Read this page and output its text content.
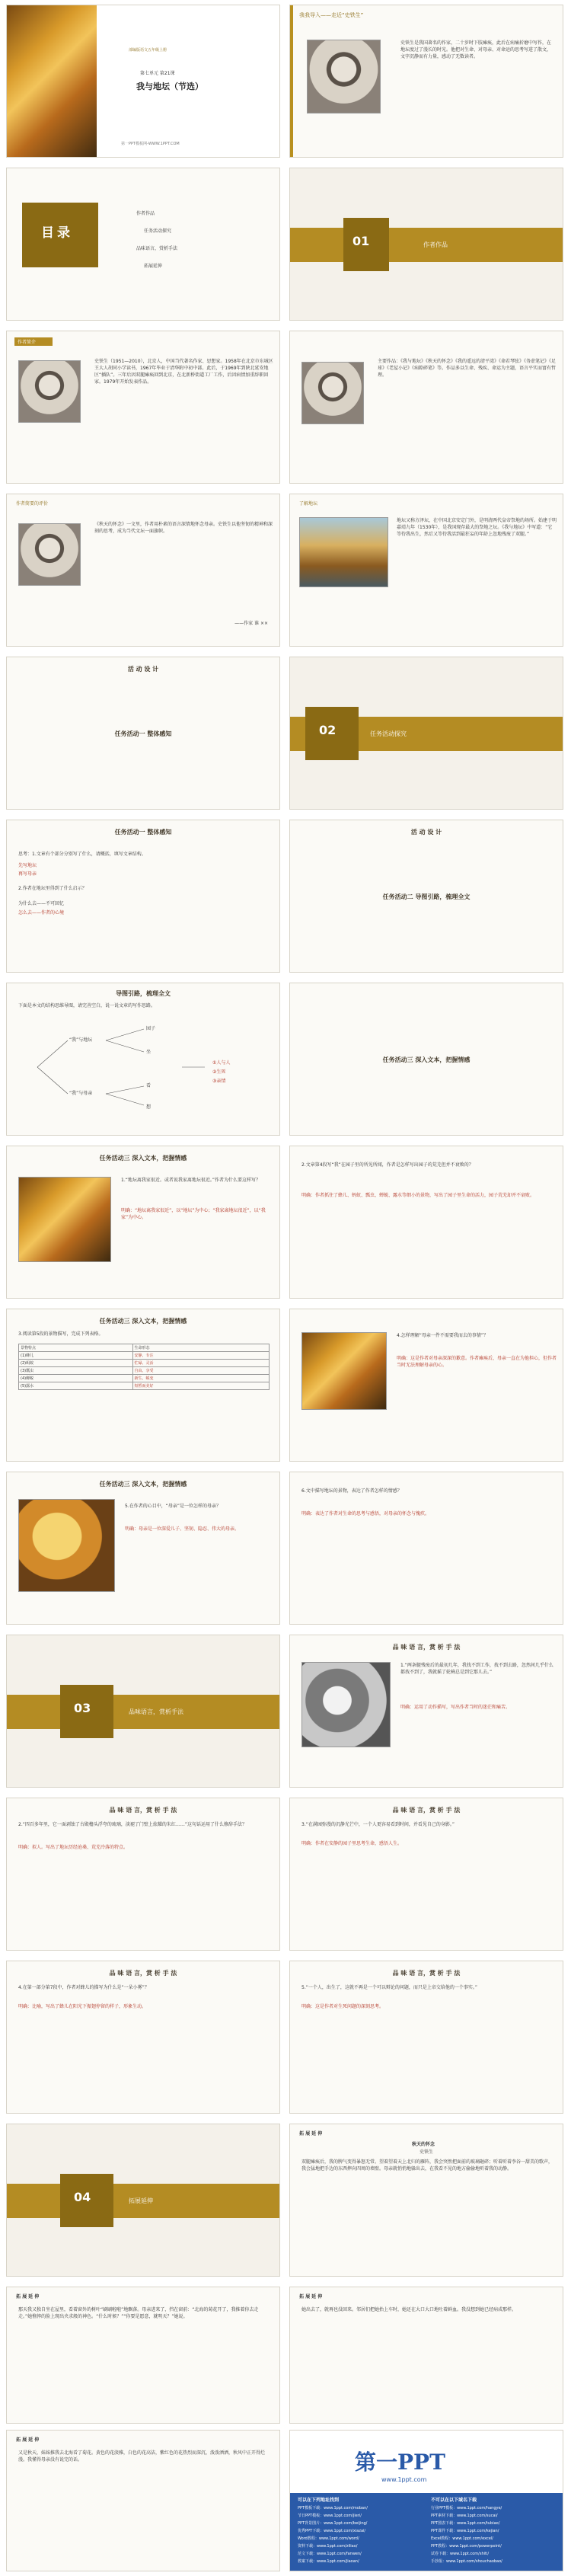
部编版语文五年级上册
第七单元 第21课
我与地坛（节选）
第一PPT模板网-WWW.1PPT.COM
我我导入——走近“史铁生”
史铁生是我国著名的作家，二十岁时下肢瘫痪，此后在病痛折磨中写作，在地坛度过了漫长的时光。他把对生命、对母亲、对命运的思考写进了散文，文字沉静而有力量，感动了无数读者。
目录
作者作品
任务活动探究
品味语言，赏析手法
拓展延伸
01	作者作品
作者简介
史铁生（1951—2010），北京人，中国当代著名作家、思想家。1958年在北京市东城区王大人胡同小学读书，1967年毕业于清华附中初中部。此后，于1969年到陕北延安地区“插队”。三年后因双腿瘫痪回到北京，在北新桥街道工厂工作，后因病情加重辞职回家。1979年开始发表作品。
主要作品：《我与地坛》《秋天的怀念》《我的遥远的清平湾》《命若琴弦》《务虚笔记》《足球》《老屋小记》《病隙碎笔》等。作品多以生命、残疾、命运为主题，语言平实而富有哲理。
作者简要的评价
《秋天的怀念》一文里，作者用朴素的语言深情地怀念母亲。史铁生以他坚韧的精神和深刻的思考，成为当代文坛一面旗帜。
——作家 谁 ××
了解地坛
地坛又称方泽坛，在中国北京安定门外，是明清两代皇帝祭地的场所。始建于明嘉靖九年（1530年），是我国现存最大的祭地之坛。《我与地坛》中写道：“它等待我出生，然后又等待我活到最狂妄的年龄上忽地残废了双腿。”
活 动 设 计
任务活动一 整体感知	02	任务活动探究
任务活动一 整体感知
思考：1.文章有个部分分别写了什么，请概括，填写文章结构。
先写地坛
再写母亲
2.作者在地坛里得到了什么启示？
为什么去——不可回忆
怎么去——作者的心境
活 动 设 计
任务活动二 导图引路，梳理全文
导图引路，梳理全文
下面是本文的结构思维导图，请完善空白，说一说文章的写作思路。
“我”与地坛
“我”与母亲
园子
坐
看
想
①人与人
②生死
③亲情
任务活动三 深入文本，把握情感
任务活动三 深入文本，把握情感
1.“地坛离我家很近。或者说我家离地坛很近。”作者为什么要这样写？
明确：“地坛离我家很近”，以“地坛”为中心；“我家离地坛很近”，以“我家”为中心。
2.文章第4段写“我”在园子里的所见所闻，作者是怎样写出园子的荒芜但并不衰败的？
明确：作者抓住了蜂儿、蚂蚁、瓢虫、蝉蜕、露水等细小的景物，写出了园子里生命的活力，园子荒芜却并不衰败。
任务活动三 深入文本，把握情感
3.阅读第5段的景物描写，完成下列表格。
景物特点	生命形态
(1)蜂儿	安静、专注
(2)蚂蚁	忙碌、灵活
(3)瓢虫	自由、享受
(4)蝉蜕	新生、蜕变
(5)露水	短暂而美好
4.怎样理解“母亲一件不需要我而去的事情”？
明确：这是作者对母亲深深的歉意。作者瘫痪后，母亲一直在为他担心，但作者当时无法理解母亲的心。
任务活动三 深入文本，把握情感
5.在作者的心目中，“母亲”是一位怎样的母亲？
明确：母亲是一位深爱儿子、坚韧、隐忍、伟大的母亲。
6.文中描写地坛的景物，表达了作者怎样的情感？
明确：表达了作者对生命的思考与感悟，对母亲的怀念与愧疚。
03	品味语言，赏析手法
品 味 语 言，赏 析 手 法
1.“两条腿残废后的最初几年，我找不到工作，找不到去路，忽然间几乎什么都找不到了，我就摇了轮椅总是到它那儿去。”
明确：运用了动作描写，写出作者当时的迷茫和痛苦。
品 味 语 言，赏 析 手 法
2.“四百多年里，它一面剥蚀了古殿檐头浮夸的琉璃，淡褪了门壁上炫耀的朱红……”这句话运用了什么修辞手法？
明确：拟人。写出了地坛历经沧桑、荒芜冷落的特点。
品 味 语 言，赏 析 手 法
3.“在满园弥漫的沉静光芒中，一个人更容易看到时间，并看见自己的身影。”
明确：作者在安静的园子里思考生命，感悟人生。
品 味 语 言，赏 析 手 法
4.在第一部分第7段中，作者对蜂儿的描写为什么是“一朵小雾”？
明确：比喻，写出了蜂儿在阳光下振翅停留的样子，形象生动。
品 味 语 言，赏 析 手 法
5.“一个人，出生了，这就不再是一个可以辩论的问题，而只是上帝交给他的一个事实。”
明确：这是作者对生死问题的深刻思考。
04	拓展延伸
拓 展 延 伸
秋天的怀念
史铁生
双腿瘫痪后，我的脾气变得暴怒无常。望着望着天上北归的雁阵，我会突然把面前的玻璃砸碎；听着听着李谷一甜美的歌声，我会猛地把手边的东西摔向四周的墙壁。母亲就悄悄地躲出去，在我看不见的地方偷偷地听着我的动静。
拓 展 延 伸
那天我又独自坐在屋里，看着窗外的树叶“刷刷啦啦”地飘落。母亲进来了，挡在窗前：“北海的菊花开了，我推着你去走走。”她憔悴的脸上现出央求般的神色。“什么时候？”“你要是愿意，就明天？”她说。
拓 展 延 伸
她出去了，就再也没回来。邻居们把她抬上车时，她还在大口大口地吐着鲜血。我没想到她已经病成那样。
拓 展 延 伸
又是秋天，妹妹推我去北海看了菊花。黄色的花淡雅，白色的花高洁，紫红色的花热烈而深沉，泼泼洒洒，秋风中正开得烂漫。我懂得母亲没有说完的话。	第一PPT
www.1ppt.com
可以在下列地址找到	不可以在以下域名下载
PPT模板下载：www.1ppt.com/moban/
节日PPT模板：www.1ppt.com/jieri/
PPT背景图片：www.1ppt.com/beijing/
优秀PPT下载：www.1ppt.com/xiazai/
Word教程：www.1ppt.com/word/
资料下载：www.1ppt.com/ziliao/
范文下载：www.1ppt.com/fanwen/
教案下载：www.1ppt.com/jiaoan/
行业PPT模板：www.1ppt.com/hangye/
PPT素材下载：www.1ppt.com/sucai/
PPT图表下载：www.1ppt.com/tubiao/
PPT课件下载：www.1ppt.com/kejian/
Excel教程：www.1ppt.com/excel/
PPT教程：www.1ppt.com/powerpoint/
试卷下载：www.1ppt.com/shiti/
手抄报：www.1ppt.com/shouchaobao/
